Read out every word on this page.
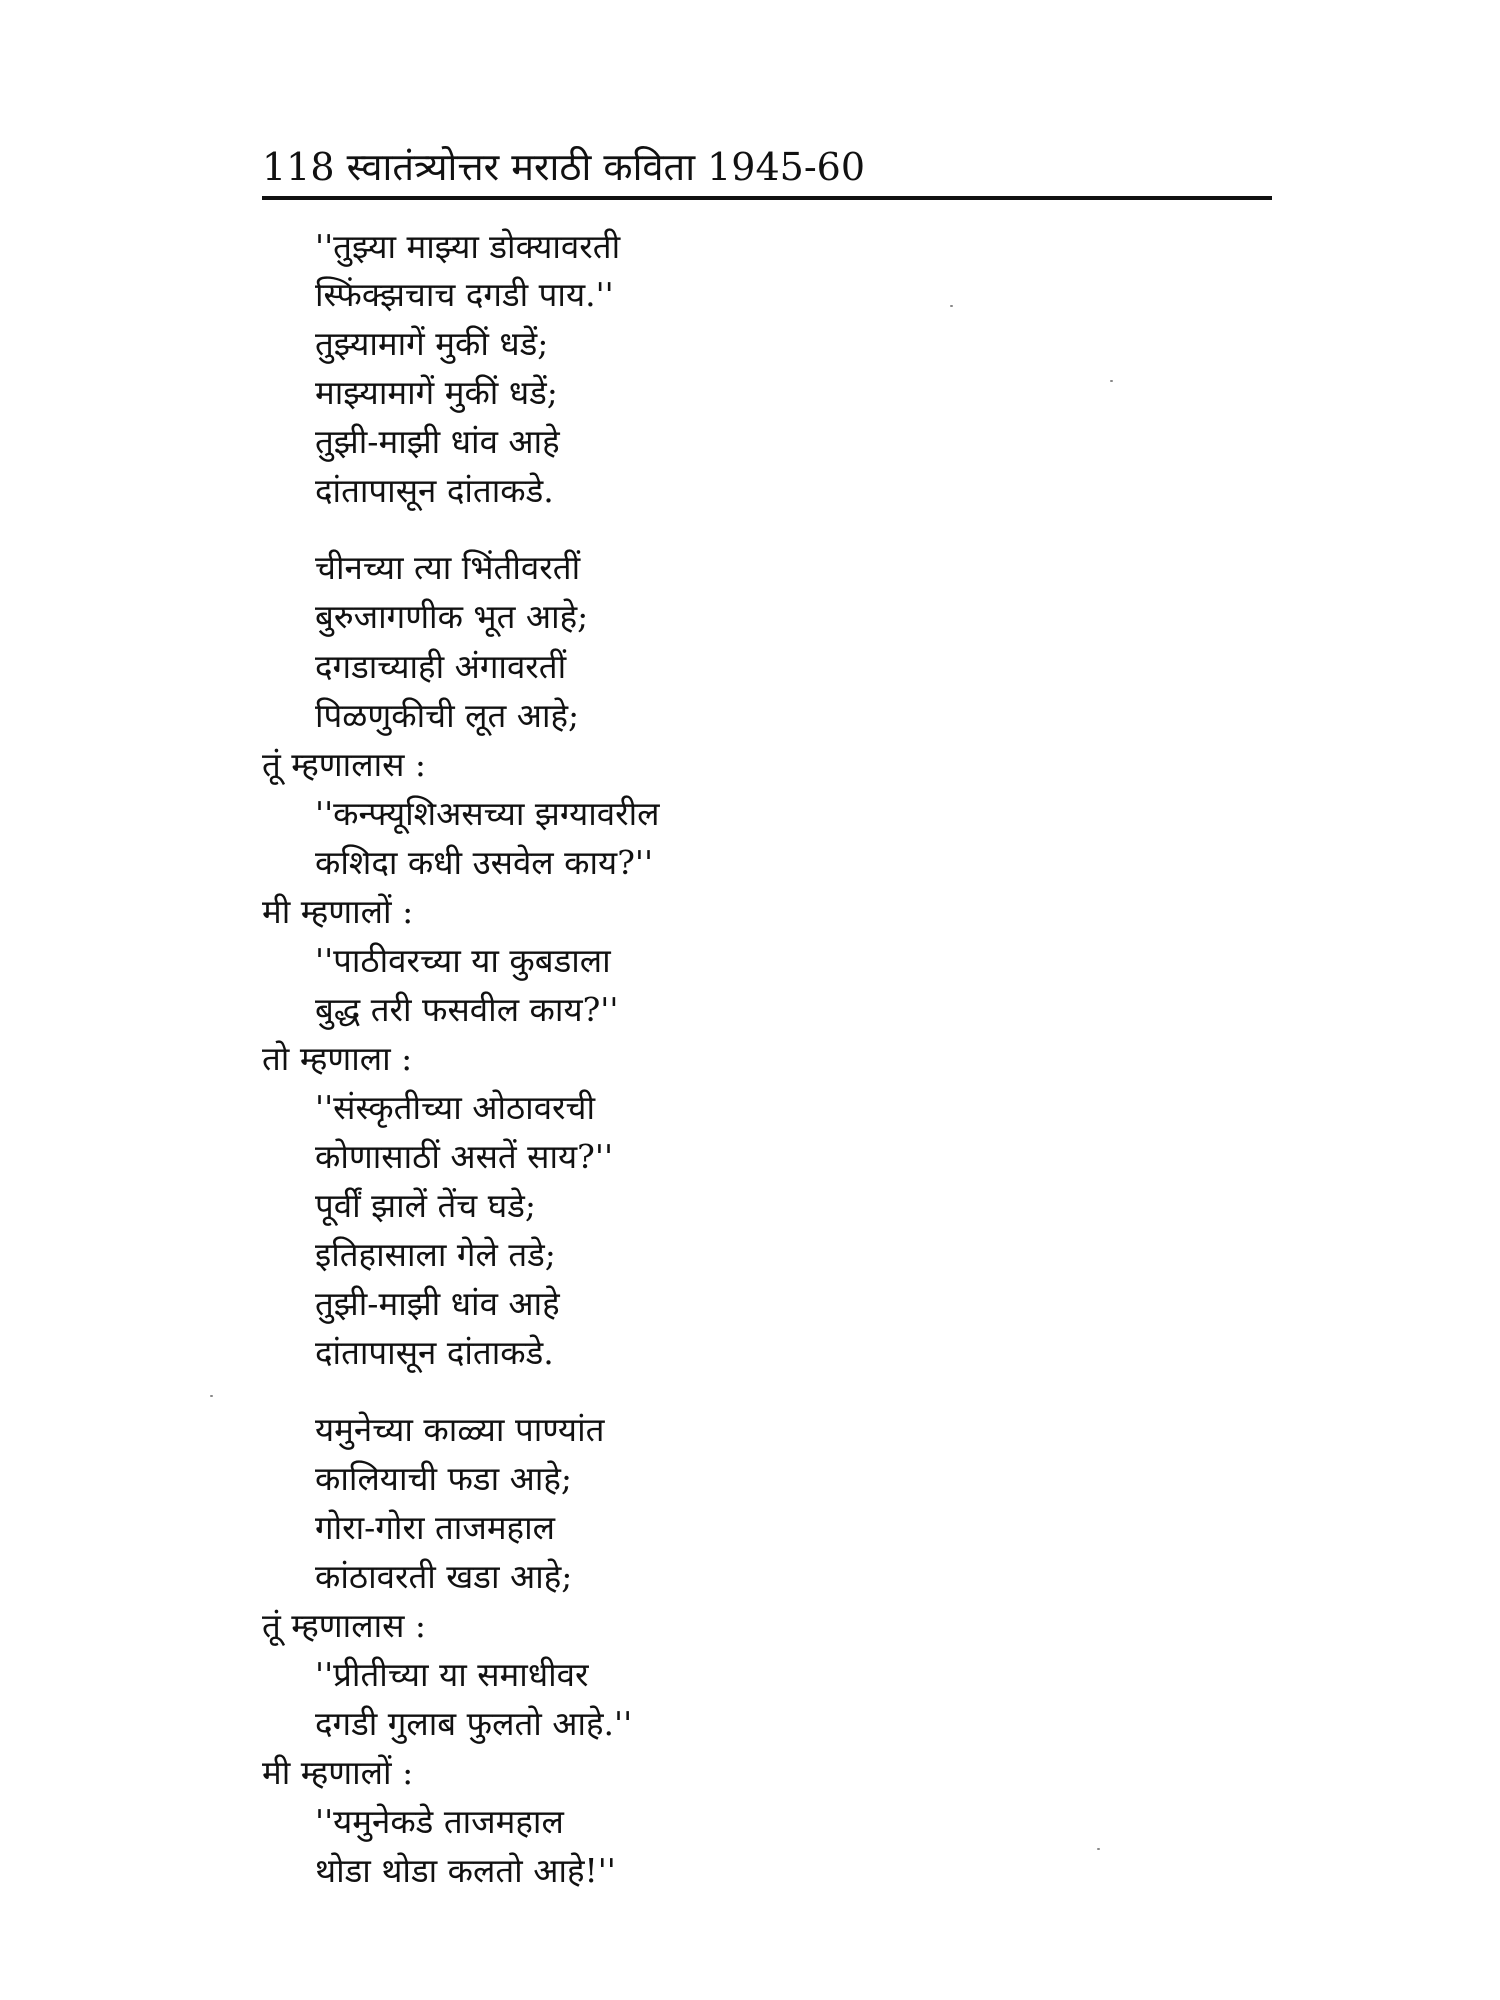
118 स्वातंत्र्योत्तर मराठी कविता 1945-60
''तुझ्या माझ्या डोक्यावरती
स्फिंक्झचाच दगडी पाय.''
तुझ्यामागें मुकीं धडें;
माझ्यामागें मुकीं धडें;
तुझी-माझी धांव आहे
दांतापासून दांताकडे.
चीनच्या त्या भिंतीवरतीं
बुरुजागणीक भूत आहे;
दगडाच्याही अंगावरतीं
पिळणुकीची लूत आहे;
तूं म्हणालास :
''कन्फ्यूशिअसच्या झग्यावरील
कशिदा कधी उसवेल काय?''
मी म्हणालों :
''पाठीवरच्या या कुबडाला
बुद्ध तरी फसवील काय?''
तो म्हणाला :
''संस्कृतीच्या ओठावरची
कोणासाठीं असतें साय?''
पूर्वीं झालें तेंच घडे;
इतिहासाला गेले तडे;
तुझी-माझी धांव आहे
दांतापासून दांताकडे.
यमुनेच्या काळ्या पाण्यांत
कालियाची फडा आहे;
गोरा-गोरा ताजमहाल
कांठावरती खडा आहे;
तूं म्हणालास :
''प्रीतीच्या या समाधीवर
दगडी गुलाब फुलतो आहे.''
मी म्हणालों :
''यमुनेकडे ताजमहाल
थोडा थोडा कलतो आहे!''
